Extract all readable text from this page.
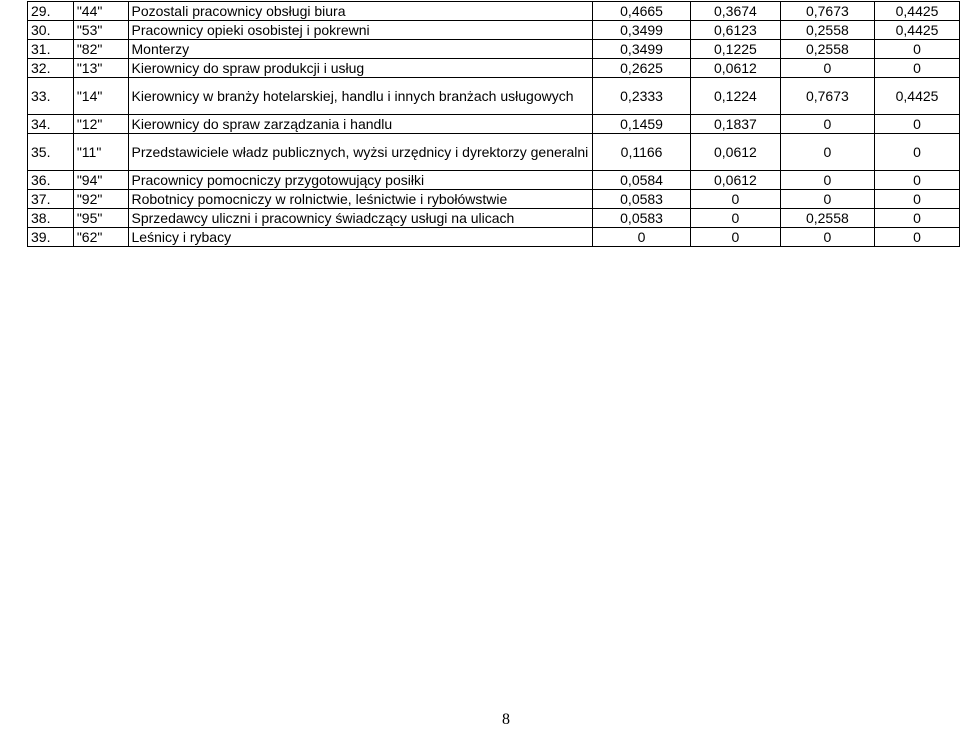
29.	"44"	Pozostali pracownicy obsługi biura	0,4665	0,3674	0,7673	0,4425
30.	"53"	Pracownicy opieki osobistej i pokrewni	0,3499	0,6123	0,2558	0,4425
31.	"82"	Monterzy	0,3499	0,1225	0,2558	0
32.	"13"	Kierownicy do spraw produkcji i usług	0,2625	0,0612	0	0
33.	"14"	Kierownicy w branży hotelarskiej, handlu i innych branżach usługowych	0,2333	0,1224	0,7673	0,4425
34.	"12"	Kierownicy do spraw zarządzania i handlu	0,1459	0,1837	0	0
35.	"11"	Przedstawiciele władz publicznych, wyżsi urzędnicy i dyrektorzy generalni	0,1166	0,0612	0	0
36.	"94"	Pracownicy pomocniczy przygotowujący posiłki	0,0584	0,0612	0	0
37.	"92"	Robotnicy pomocniczy w rolnictwie, leśnictwie i rybołówstwie	0,0583	0	0	0
38.	"95"	Sprzedawcy uliczni i pracownicy świadczący usługi na ulicach	0,0583	0	0,2558	0
39.	"62"	Leśnicy i rybacy	0	0	0	0
8
